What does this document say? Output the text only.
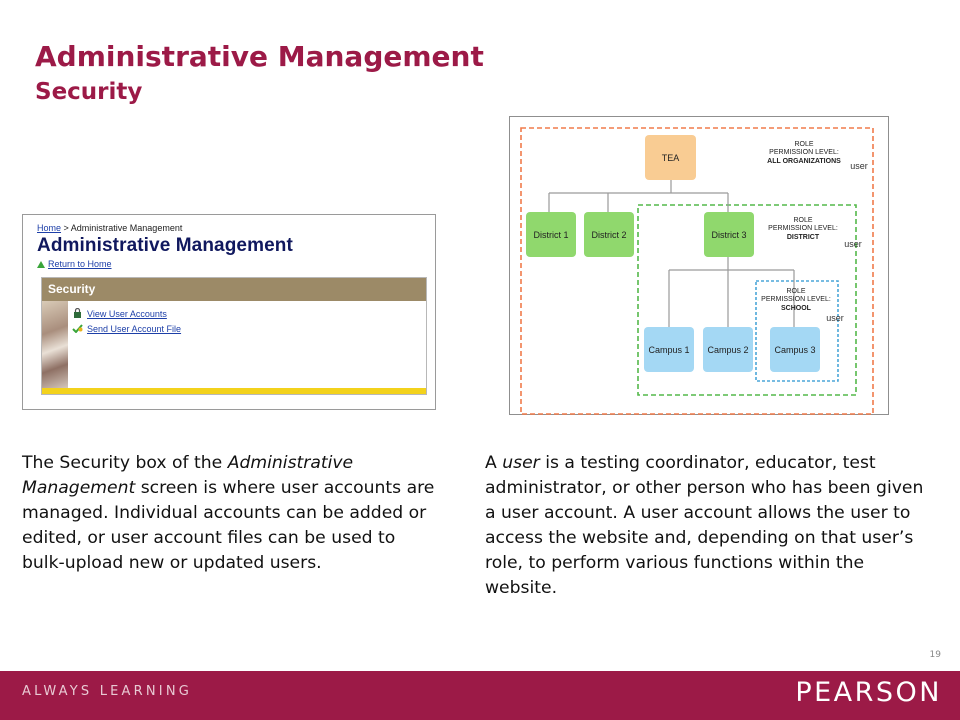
Administrative Management
Security
Home > Administrative Management
Administrative Management
Return to Home
Security
View User Accounts
Send User Account File
TEA
District 1	District 2	District 3
Campus 1 Campus 2	Campus 3
ROLE
PERMISSION LEVEL:
ALL ORGANIZATIONS user
ROLE
PERMISSION LEVEL:
DISTRICT
user
ROLE
PERMISSION LEVEL:
SCHOOL
user

The Security box of the Administrative Management screen is where user accounts are managed. Individual accounts can be added or edited, or user account files can be used to bulk-upload new or updated users.

A user is a testing coordinator, educator, test administrator, or other person who has been given a user account. A user account allows the user to access the website and, depending on that user’s role, to perform various functions within the website.

19
ALWAYS LEARNING	PEARSON
